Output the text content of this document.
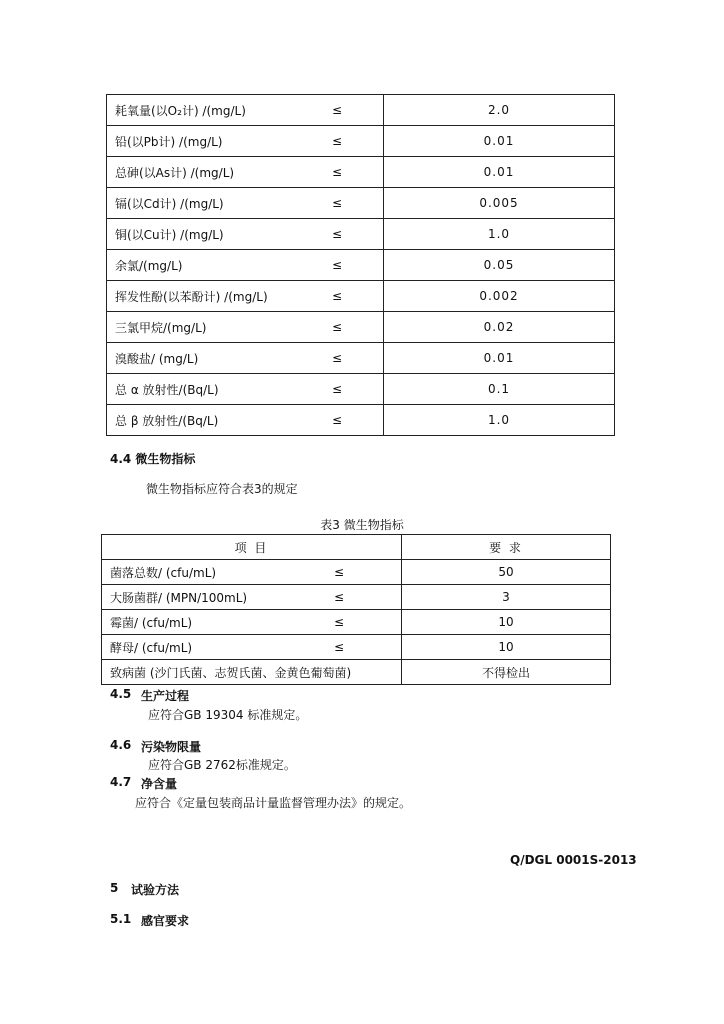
耗氧量(以O₂计) /(mg/L) ≤	2.0
铅(以Pb计) /(mg/L) ≤	0.01
总砷(以As计) /(mg/L) ≤	0.01
镉(以Cd计) /(mg/L) ≤	0.005
铜(以Cu计) /(mg/L) ≤	1.0
余氯/(mg/L) ≤	0.05
挥发性酚(以苯酚计) /(mg/L) ≤	0.002
三氯甲烷/(mg/L) ≤	0.02
溴酸盐/ (mg/L) ≤	0.01
总 α 放射性/(Bq/L) ≤	0.1
总 β 放射性/(Bq/L) ≤	1.0
4.4 微生物指标
微生物指标应符合表3的规定
表3 微生物指标
项 目	要 求
菌落总数/ (cfu/mL) ≤	50
大肠菌群/ (MPN/100mL) ≤	3
霉菌/ (cfu/mL) ≤	10
酵母/ (cfu/mL) ≤	10
致病菌 (沙门氏菌、志贺氏菌、金黄色葡萄菌)	不得检出
4.5 生产过程
应符合GB 19304 标准规定。
4.6 污染物限量
应符合GB 2762标准规定。
4.7 净含量
应符合《定量包装商品计量监督管理办法》的规定。
Q/DGL 0001S-2013
5 试验方法
5.1 感官要求
